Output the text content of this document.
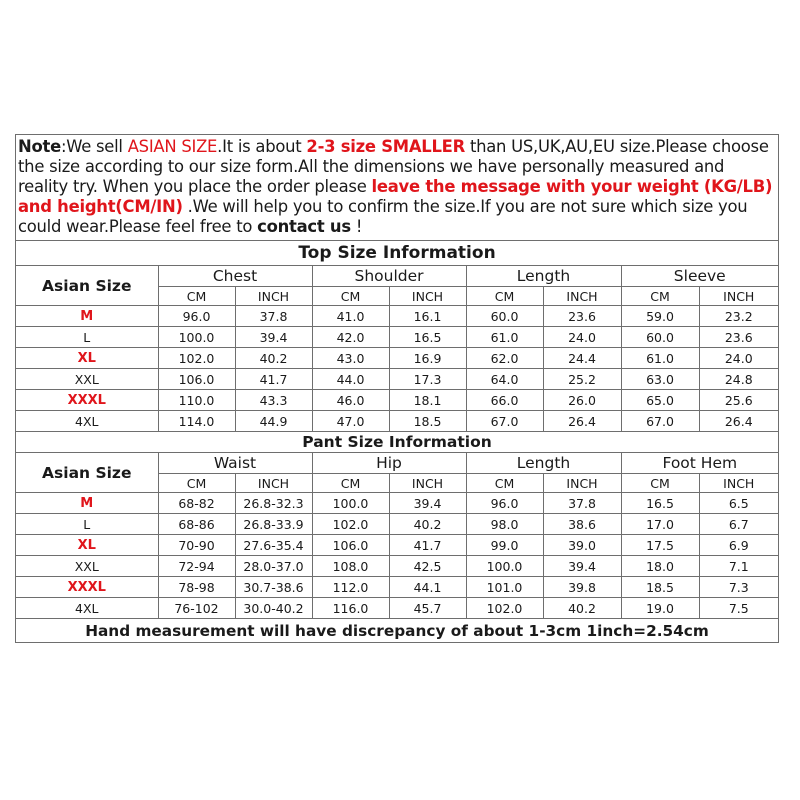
Note:We sell ASIAN SIZE.It is about 2-3 size SMALLER than US,UK,AU,EU size.Please choose the size according to our size form.All the dimensions we have personally measured and reality try. When you place the order please leave the message with your weight (KG/LB) and height(CM/IN) .We will help you to confirm the size.If you are not sure which size you could wear.Please feel free to contact us !
Top Size Information								
Asian Size	Chest		Shoulder		Length		Sleeve	
	CM	INCH	CM	INCH	CM	INCH	CM	INCH
M	96.0	37.8	41.0	16.1	60.0	23.6	59.0	23.2
L	100.0	39.4	42.0	16.5	61.0	24.0	60.0	23.6
XL	102.0	40.2	43.0	16.9	62.0	24.4	61.0	24.0
XXL	106.0	41.7	44.0	17.3	64.0	25.2	63.0	24.8
XXXL	110.0	43.3	46.0	18.1	66.0	26.0	65.0	25.6
4XL	114.0	44.9	47.0	18.5	67.0	26.4	67.0	26.4
Pant Size Information								
Asian Size	Waist		Hip		Length		Foot Hem	
	CM	INCH	CM	INCH	CM	INCH	CM	INCH
M	68-82	26.8-32.3	100.0	39.4	96.0	37.8	16.5	6.5
L	68-86	26.8-33.9	102.0	40.2	98.0	38.6	17.0	6.7
XL	70-90	27.6-35.4	106.0	41.7	99.0	39.0	17.5	6.9
XXL	72-94	28.0-37.0	108.0	42.5	100.0	39.4	18.0	7.1
XXXL	78-98	30.7-38.6	112.0	44.1	101.0	39.8	18.5	7.3
4XL	76-102	30.0-40.2	116.0	45.7	102.0	40.2	19.0	7.5
Hand measurement will have discrepancy of about 1-3cm 1inch=2.54cm								
